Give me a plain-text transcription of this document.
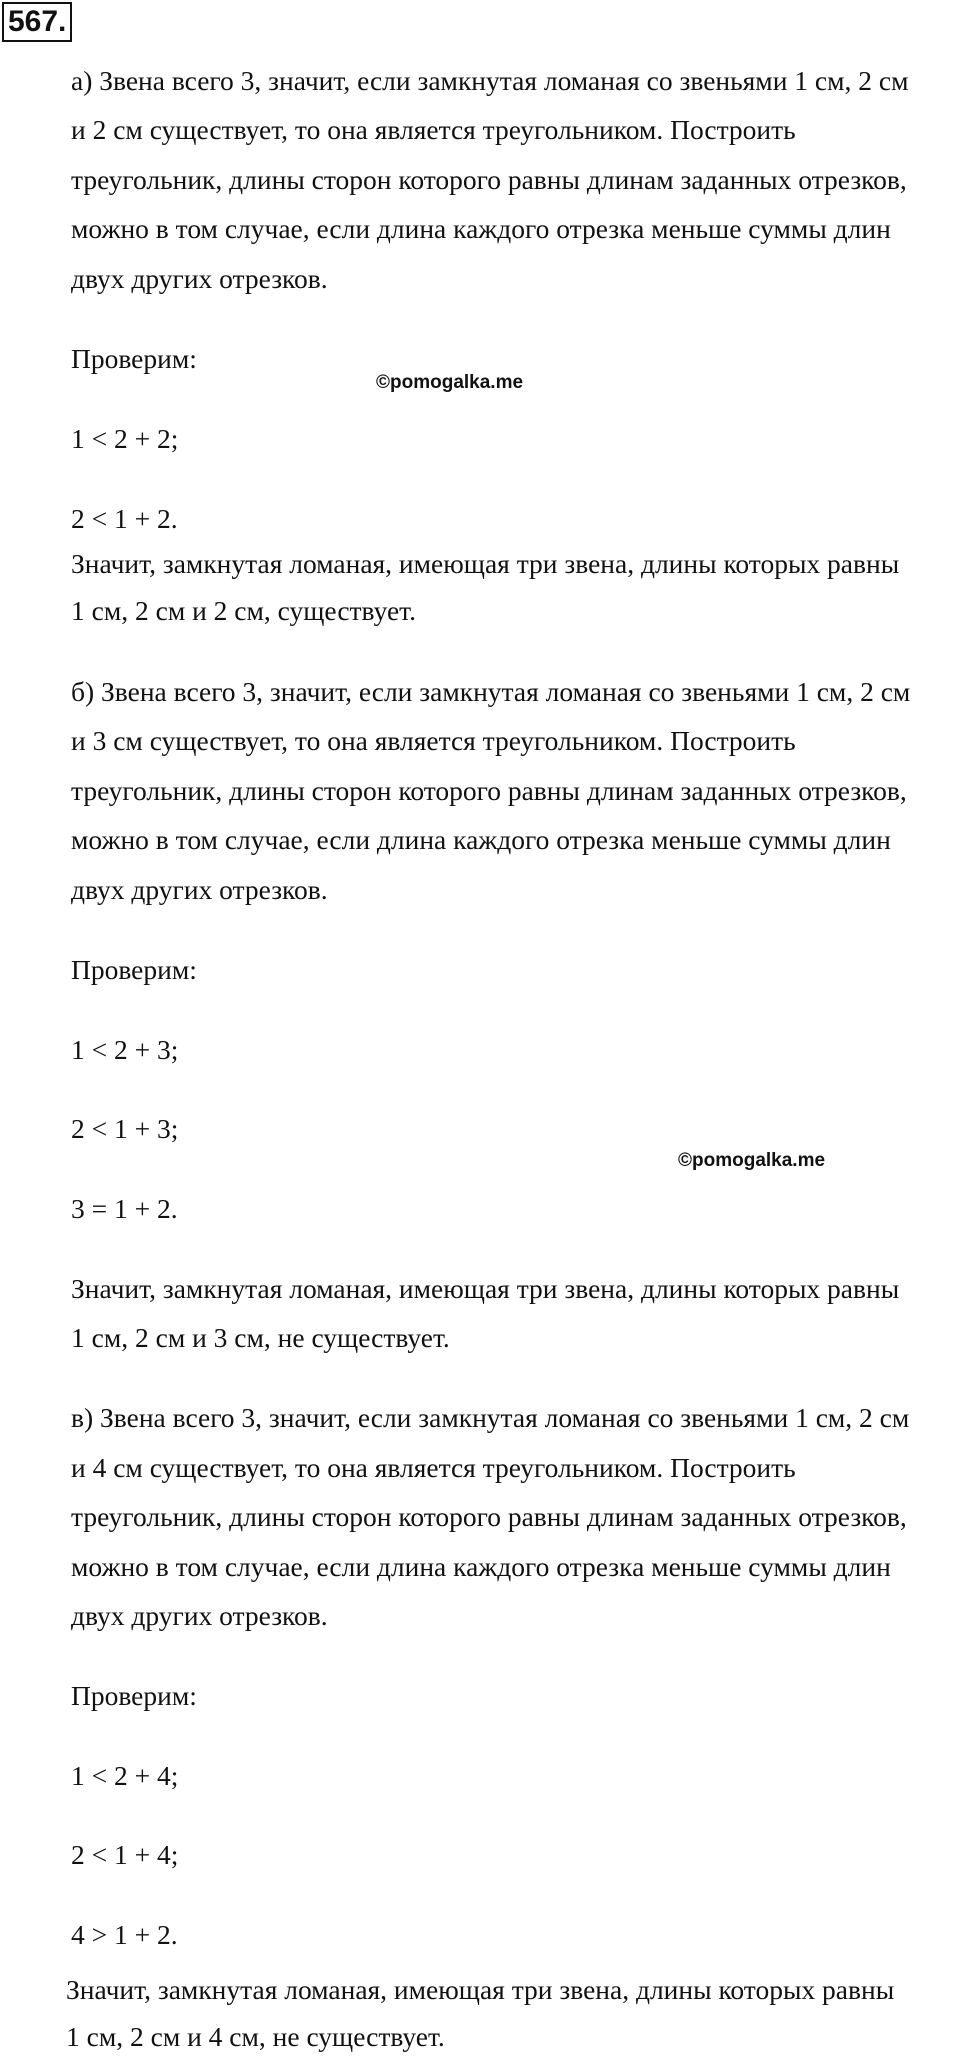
567.
а) Звена всего 3, значит, если замкнутая ломаная со звеньями 1 см, 2 см
и 2 см существует, то она является треугольником. Построить
треугольник, длины сторон которого равны длинам заданных отрезков,
можно в том случае, если длина каждого отрезка меньше суммы длин
двух других отрезков.
Проверим:
©pomogalka.me
1 < 2 + 2;
2 < 1 + 2.
Значит, замкнутая ломаная, имеющая три звена, длины которых равны
1 см, 2 см и 2 см, существует.
б) Звена всего 3, значит, если замкнутая ломаная со звеньями 1 см, 2 см
и 3 см существует, то она является треугольником. Построить
треугольник, длины сторон которого равны длинам заданных отрезков,
можно в том случае, если длина каждого отрезка меньше суммы длин
двух других отрезков.
Проверим:
1 < 2 + 3;
2 < 1 + 3;
©pomogalka.me
3 = 1 + 2.
Значит, замкнутая ломаная, имеющая три звена, длины которых равны
1 см, 2 см и 3 см, не существует.
в) Звена всего 3, значит, если замкнутая ломаная со звеньями 1 см, 2 см
и 4 см существует, то она является треугольником. Построить
треугольник, длины сторон которого равны длинам заданных отрезков,
можно в том случае, если длина каждого отрезка меньше суммы длин
двух других отрезков.
Проверим:
1 < 2 + 4;
2 < 1 + 4;
4 > 1 + 2.
Значит, замкнутая ломаная, имеющая три звена, длины которых равны
1 см, 2 см и 4 см, не существует.
